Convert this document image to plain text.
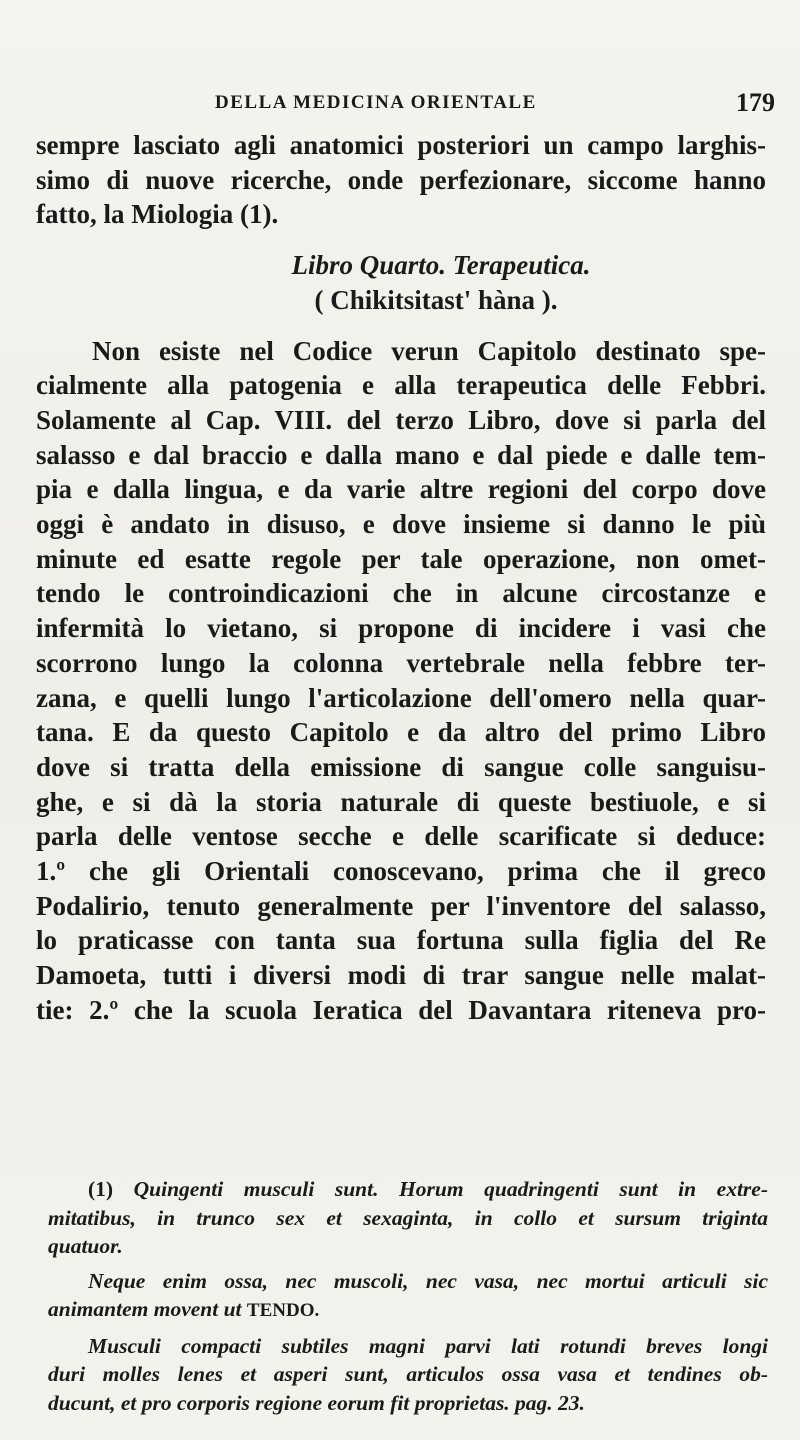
DELLA MEDICINA ORIENTALE	179
sempre lasciato agli anatomici posteriori un campo larghis-
simo di nuove ricerche, onde perfezionare, siccome hanno
fatto, la Miologia (1).
Libro Quarto. Terapeutica.
( Chikitsitast' hàna ).
Non esiste nel Codice verun Capitolo destinato spe-
cialmente alla patogenia e alla terapeutica delle Febbri.
Solamente al Cap. VIII. del terzo Libro, dove si parla del
salasso e dal braccio e dalla mano e dal piede e dalle tem-
pia e dalla lingua, e da varie altre regioni del corpo dove
oggi è andato in disuso, e dove insieme si danno le più
minute ed esatte regole per tale operazione, non omet-
tendo le controindicazioni che in alcune circostanze e
infermità lo vietano, si propone di incidere i vasi che
scorrono lungo la colonna vertebrale nella febbre ter-
zana, e quelli lungo l'articolazione dell'omero nella quar-
tana. E da questo Capitolo e da altro del primo Libro
dove si tratta della emissione di sangue colle sanguisu-
ghe, e si dà la storia naturale di queste bestiuole, e si
parla delle ventose secche e delle scarificate si deduce:
1.º che gli Orientali conoscevano, prima che il greco
Podalirio, tenuto generalmente per l'inventore del salasso,
lo praticasse con tanta sua fortuna sulla figlia del Re
Damoeta, tutti i diversi modi di trar sangue nelle malat-
tie: 2.º che la scuola Ieratica del Davantara riteneva pro-
(1) Quingenti musculi sunt. Horum quadringenti sunt in extre-
mitatibus, in trunco sex et sexaginta, in collo et sursum triginta
quatuor.
Neque enim ossa, nec muscoli, nec vasa, nec mortui articuli sic
animantem movent ut TENDO.
Musculi compacti subtiles magni parvi lati rotundi breves longi
duri molles lenes et asperi sunt, articulos ossa vasa et tendines ob-
ducunt, et pro corporis regione eorum fit proprietas. pag. 23.
